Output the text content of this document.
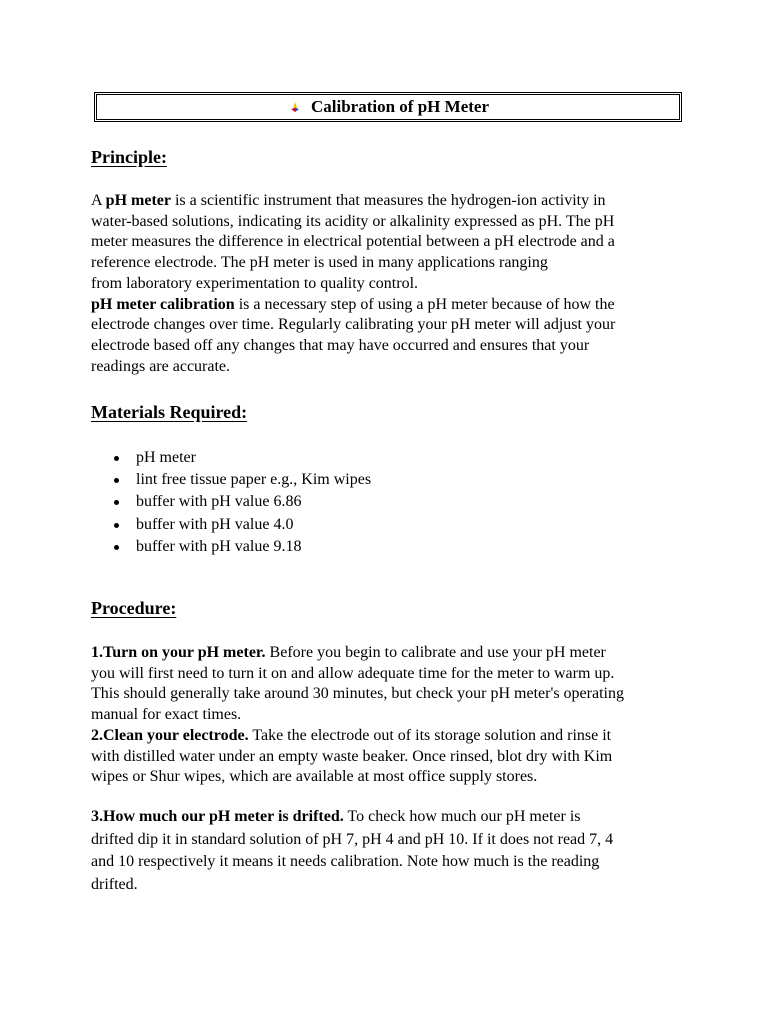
Calibration of pH Meter
Principle:
A pH meter is a scientific instrument that measures the hydrogen-ion activity in
water-based solutions, indicating its acidity or alkalinity expressed as pH. The pH
meter measures the difference in electrical potential between a pH electrode and a
reference electrode. The pH meter is used in many applications ranging
from laboratory experimentation to quality control.
pH meter calibration is a necessary step of using a pH meter because of how the
electrode changes over time. Regularly calibrating your pH meter will adjust your
electrode based off any changes that may have occurred and ensures that your
readings are accurate.
Materials Required:
pH meter
lint free tissue paper e.g., Kim wipes
buffer with pH value 6.86
buffer with pH value 4.0
buffer with pH value 9.18
Procedure:
1.Turn on your pH meter. Before you begin to calibrate and use your pH meter
you will first need to turn it on and allow adequate time for the meter to warm up.
This should generally take around 30 minutes, but check your pH meter's operating
manual for exact times.
2.Clean your electrode. Take the electrode out of its storage solution and rinse it
with distilled water under an empty waste beaker. Once rinsed, blot dry with Kim
wipes or Shur wipes, which are available at most office supply stores.
3.How much our pH meter is drifted. To check how much our pH meter is
drifted dip it in standard solution of pH 7, pH 4 and pH 10. If it does not read 7, 4
and 10 respectively it means it needs calibration. Note how much is the reading
drifted.
